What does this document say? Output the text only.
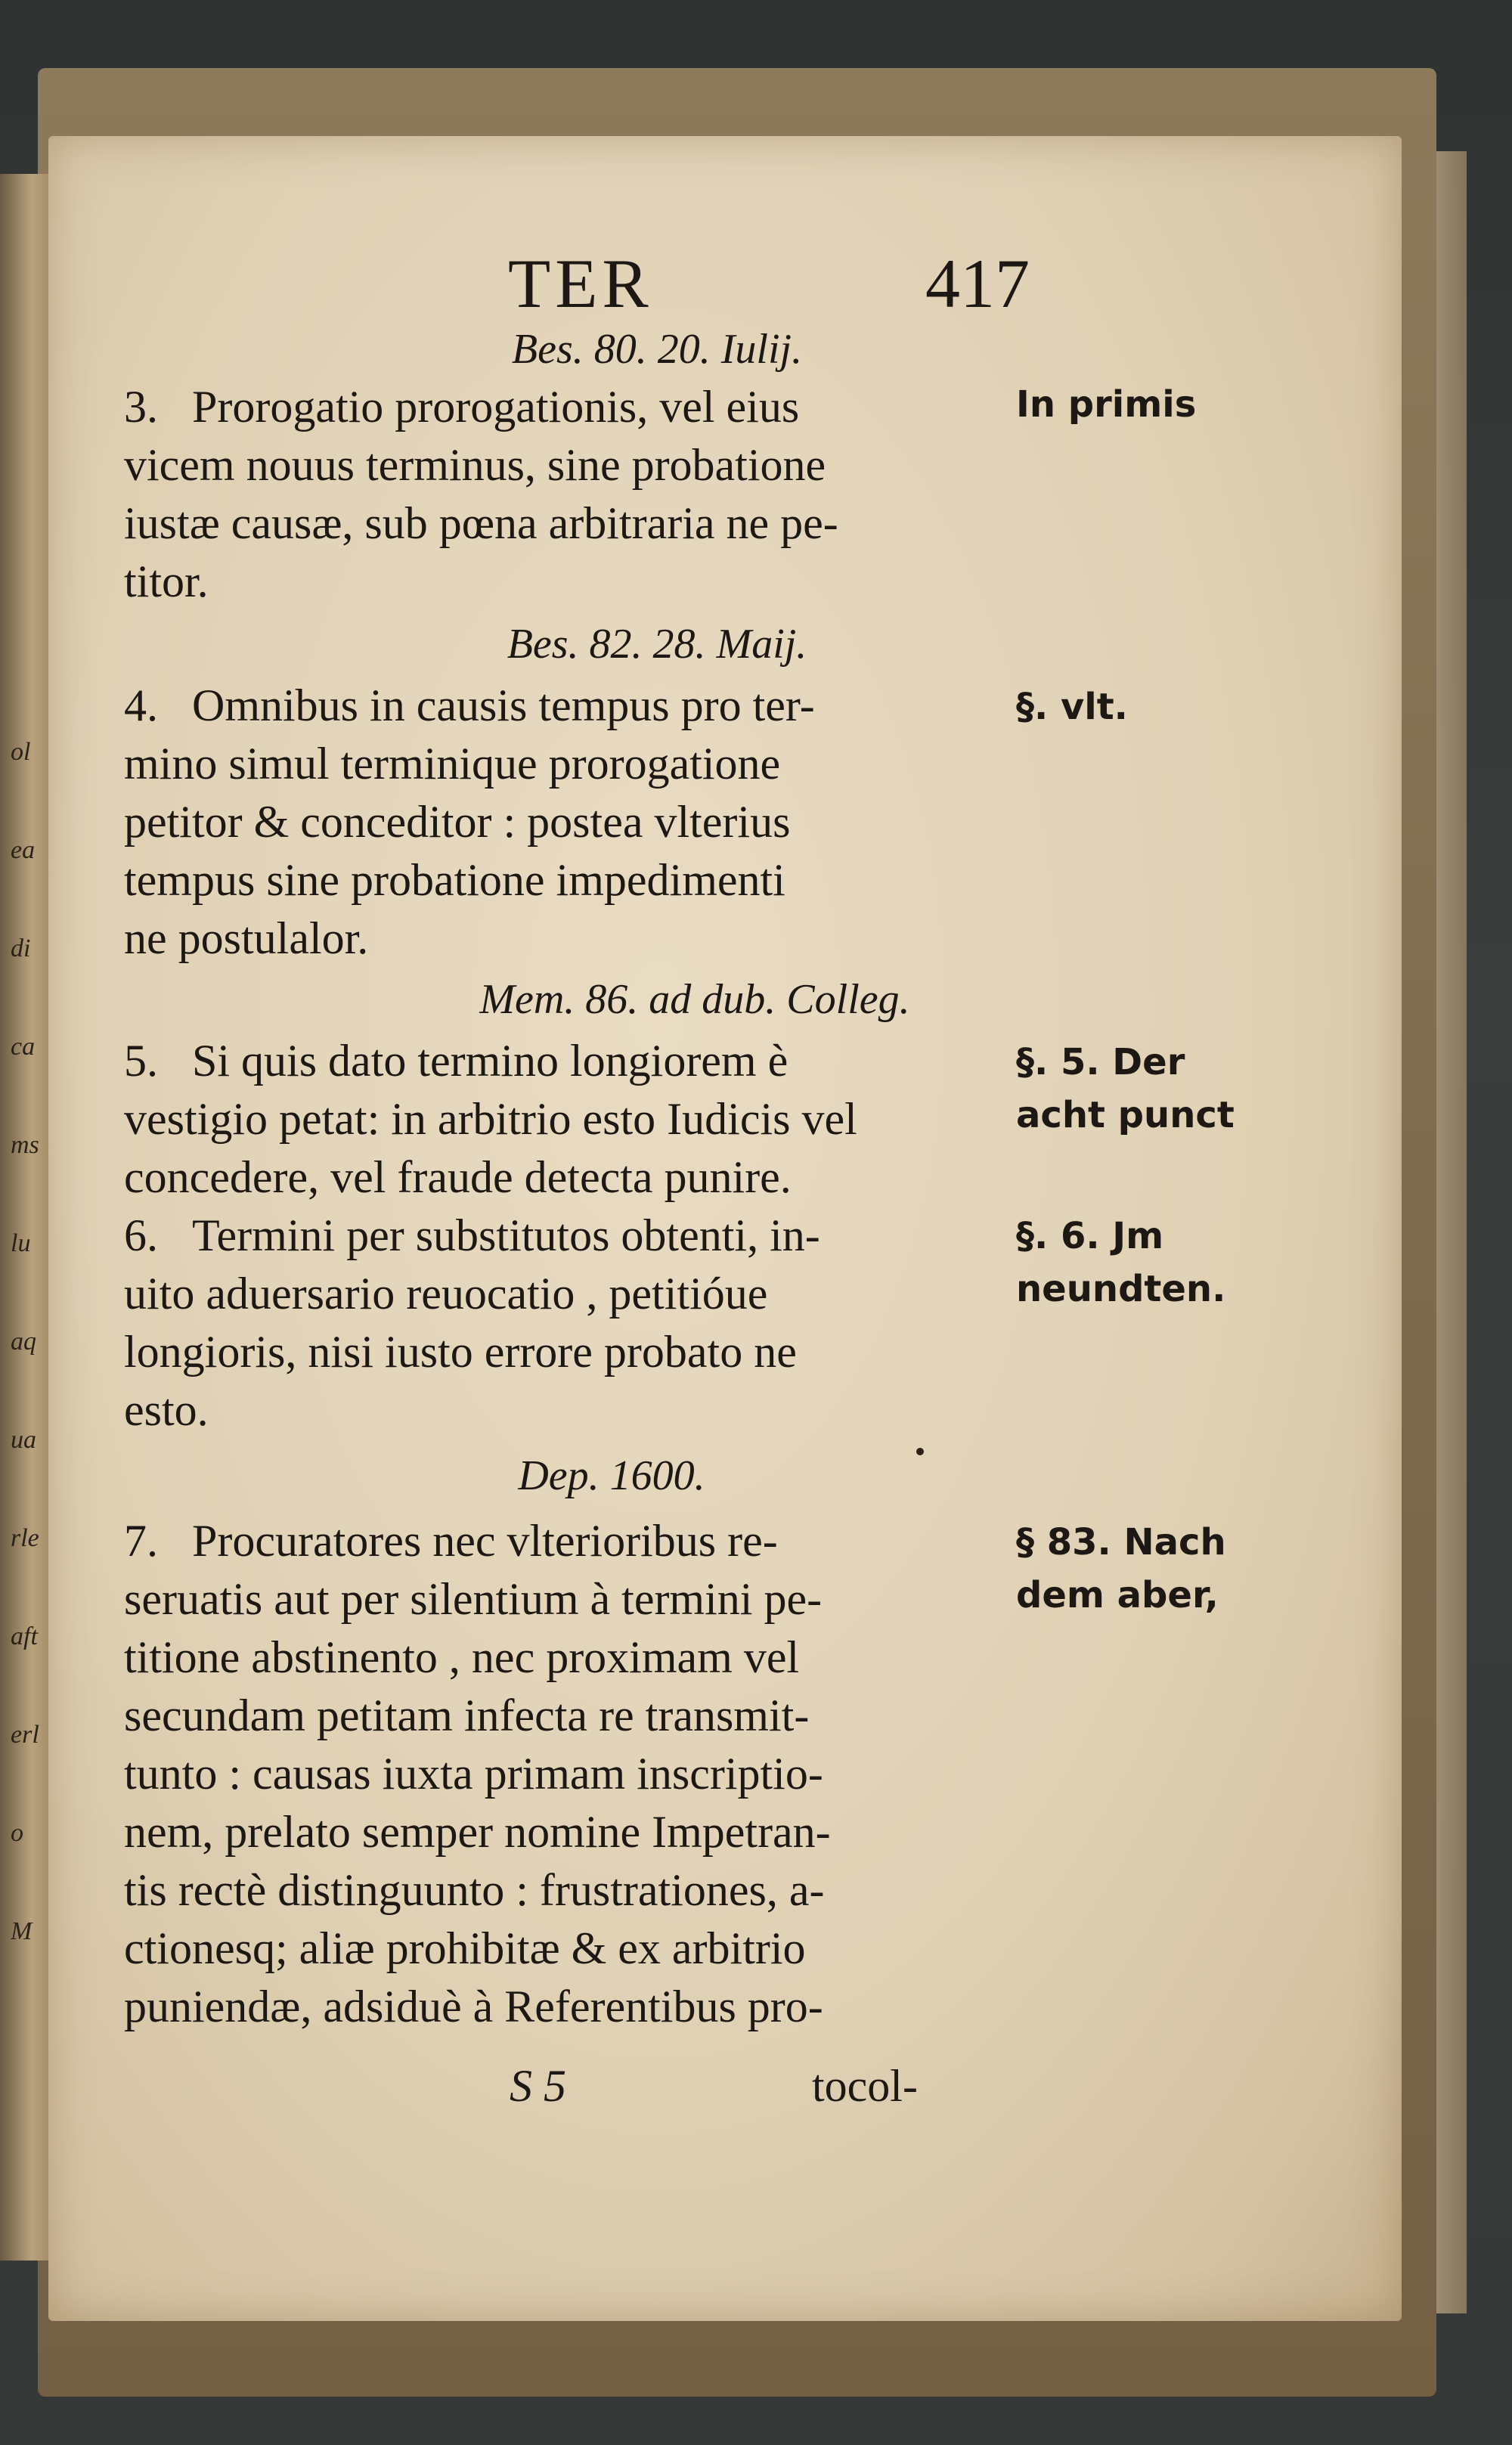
oleadicamsluaquarleafterloM
TER	417
Bes. 80. 20. Iulij.
3. Prorogatio prorogationis, vel eius
vicem nouus terminus, sine probatione
iustæ causæ, sub pœna arbitraria ne pe-
titor.
In primis
Bes. 82. 28. Maij.
4. Omnibus in causis tempus pro ter-
mino simul terminique prorogatione
petitor & conceditor : postea vlterius
tempus sine probatione impedimenti
ne postulalor.
§. vlt.
Mem. 86. ad dub. Colleg.
5. Si quis dato termino longiorem è
vestigio petat: in arbitrio esto Iudicis vel
concedere, vel fraude detecta punire.
§. 5. Der
acht punct
6. Termini per substitutos obtenti, in-
uito aduersario reuocatio , petitióue
longioris, nisi iusto errore probato ne
esto.
§. 6. Jm
neundten.
Dep. 1600.
7. Procuratores nec vlterioribus re-
seruatis aut per silentium à termini pe-
titione abstinento , nec proximam vel
secundam petitam infecta re transmit-
tunto : causas iuxta primam inscriptio-
nem, prelato semper nomine Impetran-
tis rectè distinguunto : frustrationes, a-
ctionesq; aliæ prohibitæ & ex arbitrio
puniendæ, adsiduè à Referentibus pro-
§ 83. Nach
dem aber,
S 5	tocol-
